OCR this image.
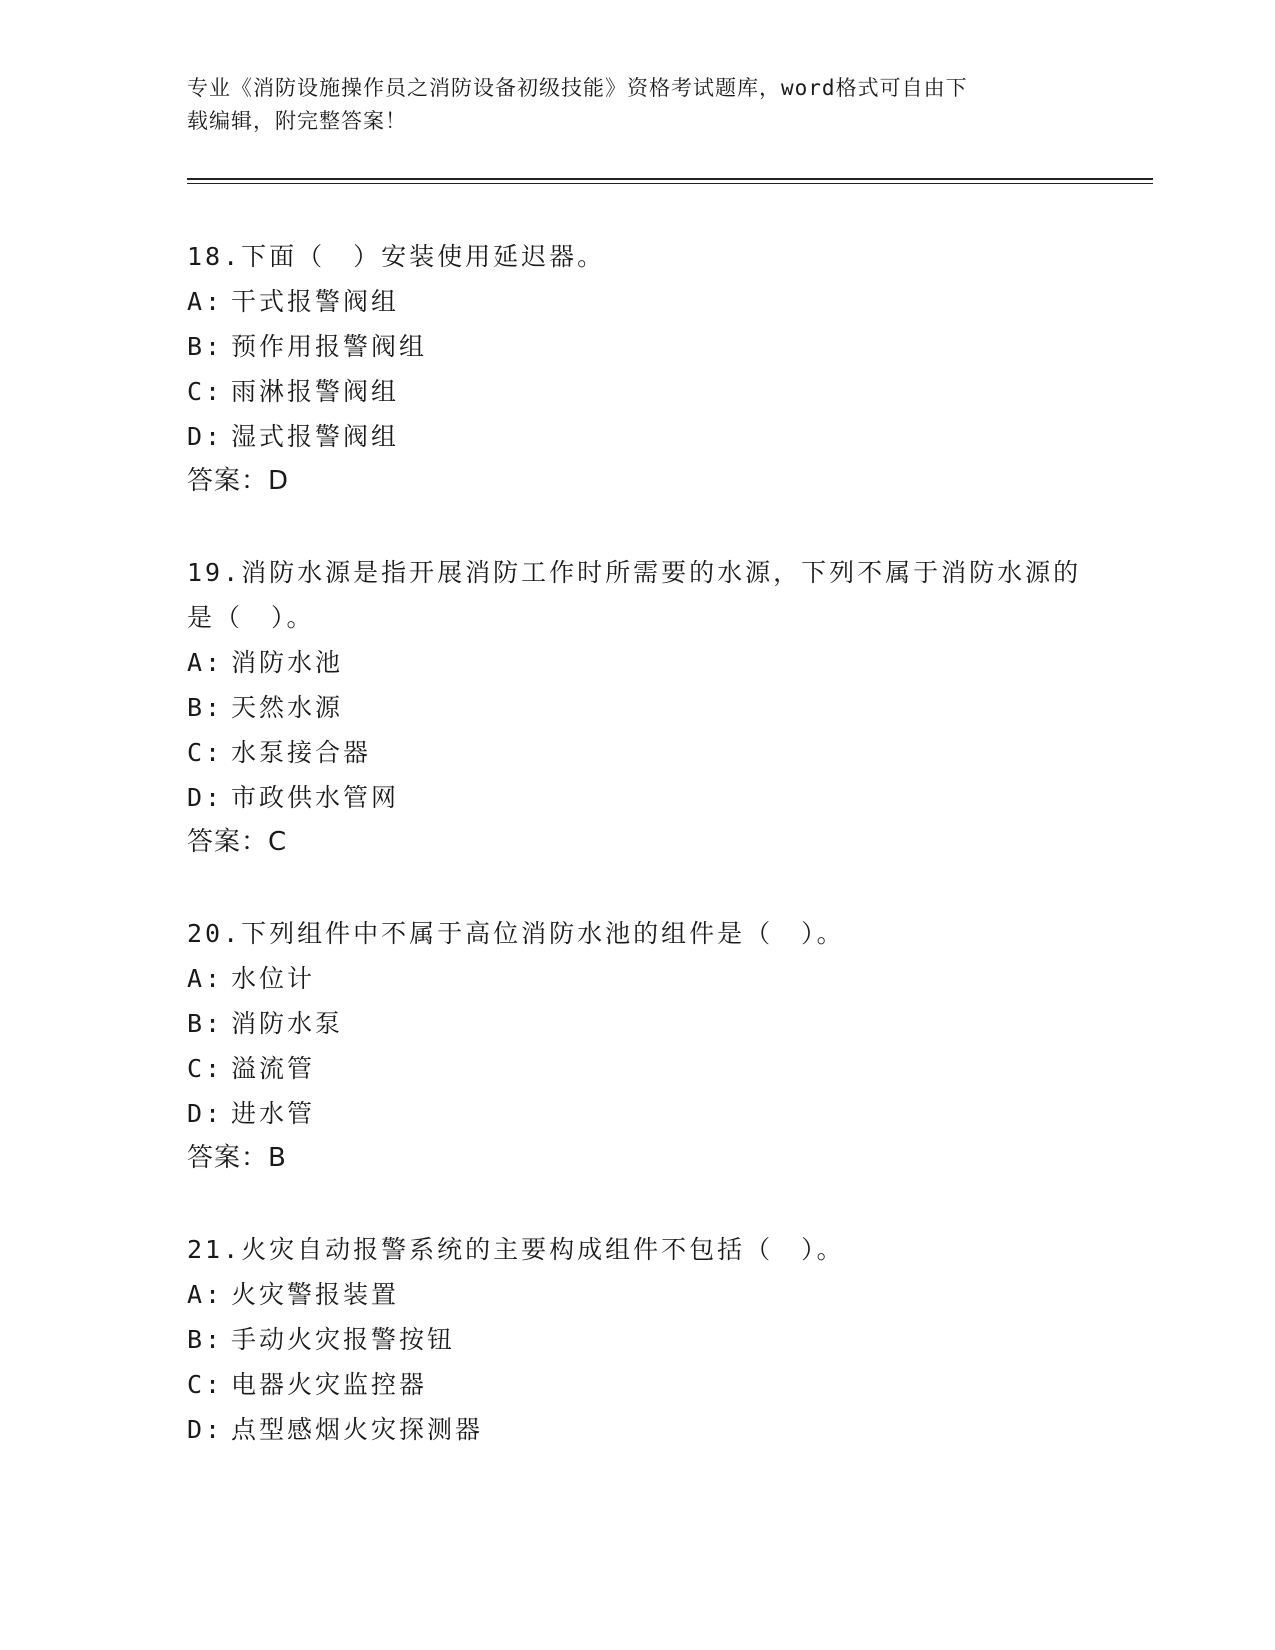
专业《消防设施操作员之消防设备初级技能》资格考试题库，word格式可自由下
载编辑，附完整答案！
18.下面（　）安装使用延迟器。
A: 干式报警阀组
B: 预作用报警阀组
C: 雨淋报警阀组
D: 湿式报警阀组
答案：D
19.消防水源是指开展消防工作时所需要的水源，下列不属于消防水源的是（　）。
A: 消防水池
B: 天然水源
C: 水泵接合器
D: 市政供水管网
答案：C
20.下列组件中不属于高位消防水池的组件是（　）。
A: 水位计
B: 消防水泵
C: 溢流管
D: 进水管
答案：B
21.火灾自动报警系统的主要构成组件不包括（　）。
A: 火灾警报装置
B: 手动火灾报警按钮
C: 电器火灾监控器
D: 点型感烟火灾探测器
